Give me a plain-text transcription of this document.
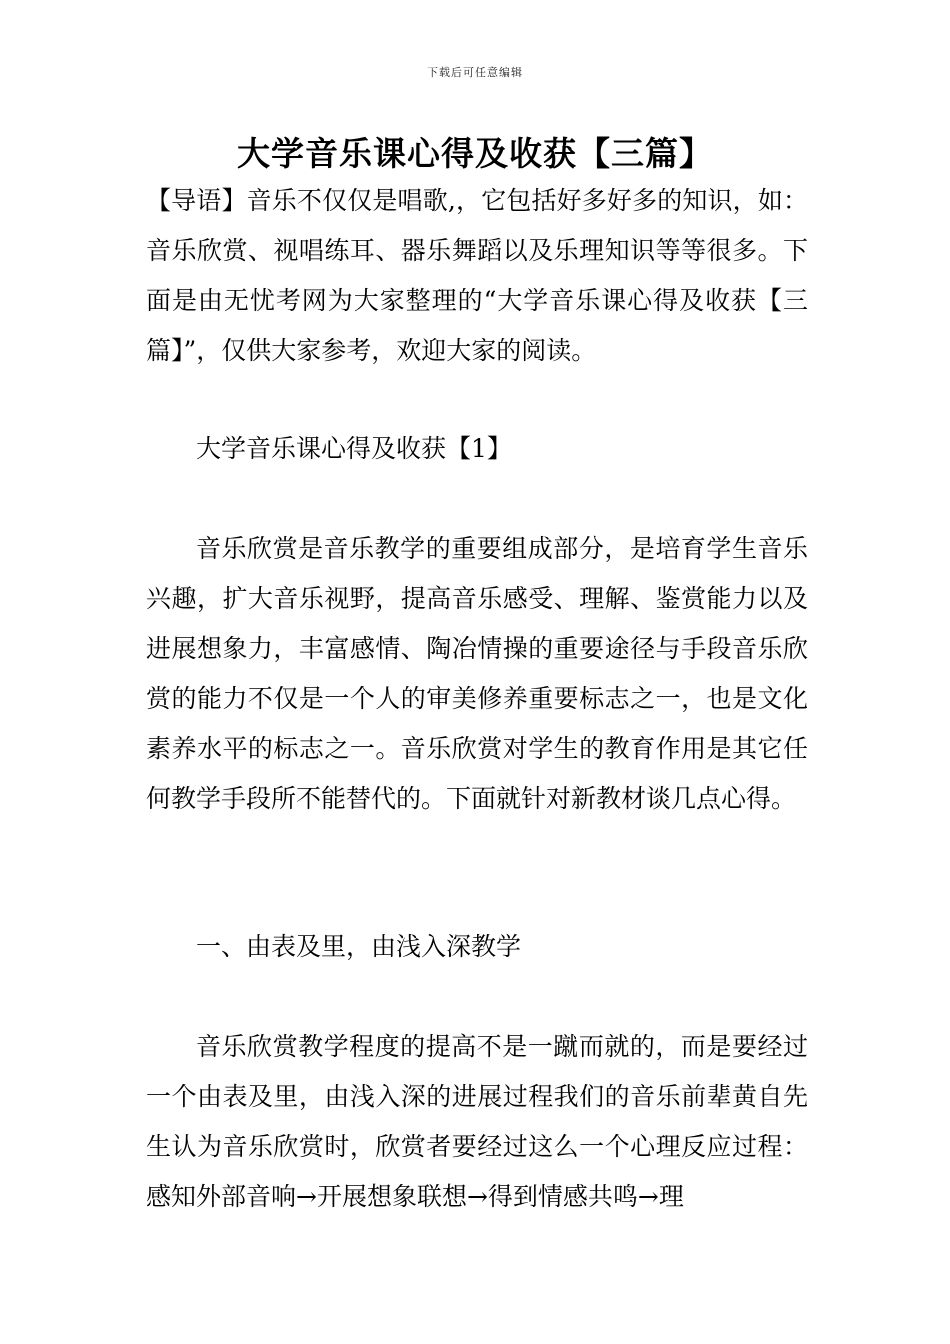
下载后可任意编辑
大学音乐课心得及收获【三篇】

【导语】音乐不仅仅是唱歌,，它包括好多好多的知识，如：音乐欣赏、视唱练耳、器乐舞蹈以及乐理知识等等很多。下面是由无忧考网为大家整理的“大学音乐课心得及收获【三篇】”，仅供大家参考，欢迎大家的阅读。

大学音乐课心得及收获【1】

音乐欣赏是音乐教学的重要组成部分，是培育学生音乐兴趣，扩大音乐视野，提高音乐感受、理解、鉴赏能力以及进展想象力，丰富感情、陶冶情操的重要途径与手段音乐欣赏的能力不仅是一个人的审美修养重要标志之一，也是文化素养水平的标志之一。音乐欣赏对学生的教育作用是其它任何教学手段所不能替代的。下面就针对新教材谈几点心得。

一、由表及里，由浅入深教学

音乐欣赏教学程度的提高不是一蹴而就的，而是要经过一个由表及里，由浅入深的进展过程我们的音乐前辈黄自先生认为音乐欣赏时，欣赏者要经过这么一个心理反应过程：感知外部音响→开展想象联想→得到情感共鸣→理
